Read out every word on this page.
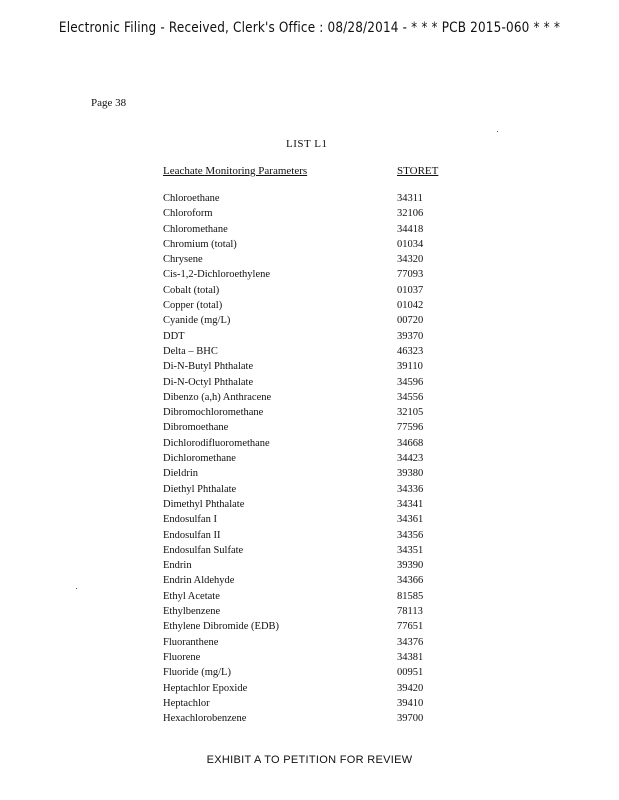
Electronic Filing - Received, Clerk's Office : 08/28/2014 - * * * PCB 2015-060 * * *
Page 38
LIST L1
Leachate Monitoring Parameters	STORET
Chloroethane	34311
Chloroform	32106
Chloromethane	34418
Chromium (total)	01034
Chrysene	34320
Cis-1,2-Dichloroethylene	77093
Cobalt (total)	01037
Copper (total)	01042
Cyanide (mg/L)	00720
DDT	39370
Delta – BHC	46323
Di-N-Butyl Phthalate	39110
Di-N-Octyl Phthalate	34596
Dibenzo (a,h) Anthracene	34556
Dibromochloromethane	32105
Dibromoethane	77596
Dichlorodifluoromethane	34668
Dichloromethane	34423
Dieldrin	39380
Diethyl Phthalate	34336
Dimethyl Phthalate	34341
Endosulfan I	34361
Endosulfan II	34356
Endosulfan Sulfate	34351
Endrin	39390
Endrin Aldehyde	34366
Ethyl Acetate	81585
Ethylbenzene	78113
Ethylene Dibromide (EDB)	77651
Fluoranthene	34376
Fluorene	34381
Fluoride (mg/L)	00951
Heptachlor Epoxide	39420
Heptachlor	39410
Hexachlorobenzene	39700
EXHIBIT A TO PETITION FOR REVIEW
